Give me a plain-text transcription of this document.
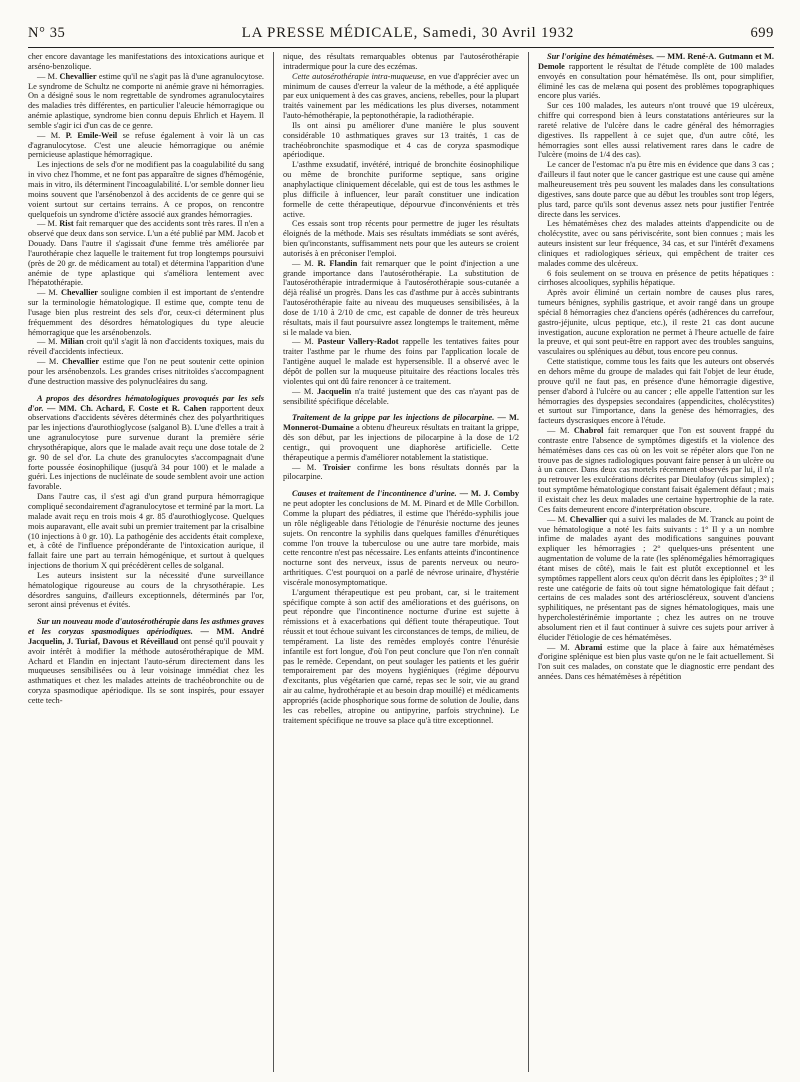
N° 35	LA PRESSE MÉDICALE, Samedi, 30 Avril 1932	699

cher encore davantage les manifestations des intoxications aurique et arséno-benzolique.

— M. Chevallier estime qu'il ne s'agit pas là d'une agranulocytose. Le syndrome de Schultz ne comporte ni anémie grave ni hémorragies. On a désigné sous le nom regrettable de syndromes agranulocytaires des maladies très différentes, en particulier l'aleucie hémorragique ou anémie aplastique, syndrome bien connu depuis Ehrlich et Hayem. Il semble s'agir ici d'un cas de ce genre.

— M. P. Emile-Weil se refuse également à voir là un cas d'agranulocytose. C'est une aleucie hémorragique ou anémie pernicieuse aplastique hémorragique.

Les injections de sels d'or ne modifient pas la coagulabilité du sang in vivo chez l'homme, et ne font pas apparaître de signes d'hémogénie, mais in vitro, ils déterminent l'incoagulabilité. L'or semble donner lieu moins souvent que l'arsénobenzol à des accidents de ce genre qui se voient surtout sur certains terrains. A ce propos, on rencontre quelquefois un syndrome d'ictère associé aux grandes hémorragies.

— M. Rist fait remarquer que des accidents sont très rares. Il n'en a observé que deux dans son service. L'un a été publié par MM. Jacob et Douady. Dans l'autre il s'agissait d'une femme très améliorée par l'aurothérapie chez laquelle le traitement fut trop longtemps poursuivi (près de 20 gr. de médicament au total) et détermina l'apparition d'une anémie de type aplastique qui s'améliora lentement avec l'hépatothérapie.

— M. Chevallier souligne combien il est important de s'entendre sur la terminologie hématologique. Il estime que, compte tenu de l'usage bien plus restreint des sels d'or, ceux-ci déterminent plus fréquemment des désordres hématologiques du type aleucie hémorragique que les arsénobenzols.

— M. Milian croit qu'il s'agit là non d'accidents toxiques, mais du réveil d'accidents infectieux.

— M. Chevallier estime que l'on ne peut soutenir cette opinion pour les arsénobenzols. Les grandes crises nitritoïdes s'accompagnent d'une destruction massive des polynucléaires du sang.

A propos des désordres hématologiques provoqués par les sels d'or. — MM. Ch. Achard, F. Coste et R. Cahen rapportent deux observations d'accidents sévères déterminés chez des polyarthritiques par les injections d'aurothioglycose (salganol B). L'une d'elles a trait à une agranulocytose pure survenue durant la première série chrysothérapique, alors que le malade avait reçu une dose totale de 2 gr. 90 de sel d'or. La chute des granulocytes s'accompagnait d'une forte poussée éosinophilique (jusqu'à 34 pour 100) et le malade a guéri. Les injections de nucléinate de soude semblent avoir une action favorable.

Dans l'autre cas, il s'est agi d'un grand purpura hémorragique compliqué secondairement d'agranulocytose et terminé par la mort. La malade avait reçu en trois mois 4 gr. 85 d'aurothioglycose. Quelques mois auparavant, elle avait subi un premier traitement par la crisalbine (10 injections à 0 gr. 10). La pathogénie des accidents était complexe, et, à côté de l'influence prépondérante de l'intoxication aurique, il fallait faire une part au terrain hémogénique, et surtout à quelques injections de thorium X qui précédèrent celles de solganal.

Les auteurs insistent sur la nécessité d'une surveillance hématologique rigoureuse au cours de la chrysothérapie. Les désordres sanguins, d'ailleurs exceptionnels, déterminés par l'or, seront ainsi prévenus et évités.

Sur un nouveau mode d'autosérothérapie dans les asthmes graves et les coryzas spasmodiques apériodiques. — MM. André Jacquelin, J. Turiaf, Davous et Réveillaud ont pensé qu'il pouvait y avoir intérêt à modifier la méthode autosérothérapique de MM. Achard et Flandin en injectant l'auto-sérum directement dans les muqueuses sensibilisées ou à leur voisinage immédiat chez les asthmatiques et chez les malades atteints de trachéobronchite ou de coryza spasmodique apériodique. Ils se sont inspirés, pour essayer cette tech-

nique, des résultats remarquables obtenus par l'autosérothérapie intradermique pour la cure des eczémas.

Cette autosérothérapie intra-muqueuse, en vue d'apprécier avec un minimum de causes d'erreur la valeur de la méthode, a été appliquée par eux uniquement à des cas graves, anciens, rebelles, pour la plupart traités vainement par les médications les plus diverses, notamment l'auto-hémothérapie, la peptonothérapie, la radiothérapie.

Ils ont ainsi pu améliorer d'une manière le plus souvent considérable 10 asthmatiques graves sur 13 traités, 1 cas de trachéobronchite spasmodique et 4 cas de coryza spasmodique apériodique.

L'asthme exsudatif, invétéré, intriqué de bronchite éosinophilique ou même de bronchite puriforme septique, sans origine anaphylactique cliniquement décelable, qui est de tous les asthmes le plus difficile à influencer, leur paraît constituer une indication formelle de cette thérapeutique, dépourvue d'inconvénients et très active.

Ces essais sont trop récents pour permettre de juger les résultats éloignés de la méthode. Mais ses résultats immédiats se sont avérés, bien qu'inconstants, suffisamment nets pour que les auteurs se croient autorisés à en préconiser l'emploi.

— M. R. Flandin fait remarquer que le point d'injection a une grande importance dans l'autosérothérapie. La substitution de l'autosérothérapie intradermique à l'autosérothérapie sous-cutanée a déjà réalisé un progrès. Dans les cas d'asthme pur à accès subintrants l'autosérothérapie faite au niveau des muqueuses sensibilisées, à la dose de 1/10 à 2/10 de cmc, est capable de donner de très heureux résultats, mais il faut poursuivre assez longtemps le traitement, même si le malade va bien.

— M. Pasteur Vallery-Radot rappelle les tentatives faites pour traiter l'asthme par le rhume des foins par l'application locale de l'antigène auquel le malade est hypersensible. Il a observé avec le dépôt de pollen sur la muqueuse pituitaire des réactions locales très violentes qui ont dû faire renoncer à ce traitement.

— M. Jacquelin n'a traité justement que des cas n'ayant pas de sensibilité spécifique décelable.

Traitement de la grippe par les injections de pilocarpine. — M. Monnerot-Dumaine a obtenu d'heureux résultats en traitant la grippe, dès son début, par les injections de pilocarpine à la dose de 1/2 centigr., qui provoquent une diaphorèse artificielle. Cette thérapeutique a permis d'améliorer notablement la statistique.

— M. Troisier confirme les bons résultats donnés par la pilocarpine.

Causes et traitement de l'incontinence d'urine. — M. J. Comby ne peut adopter les conclusions de M. M. Pinard et de Mlle Corbillon. Comme la plupart des pédiatres, il estime que l'hérédo-syphilis joue un rôle négligeable dans l'étiologie de l'énurésie nocturne des jeunes sujets. On rencontre la syphilis dans quelques familles d'énurétiques comme l'on trouve la tuberculose ou une autre tare morbide, mais cette rencontre n'est pas nécessaire. Les enfants atteints d'incontinence nocturne sont des nerveux, issus de parents nerveux ou neuro-arthritiques. C'est pourquoi on a parlé de névrose urinaire, d'hystérie viscérale monosymptomatique.

L'argument thérapeutique est peu probant, car, si le traitement spécifique compte à son actif des améliorations et des guérisons, on peut répondre que l'incontinence nocturne d'urine est sujette à rémissions et à exacerbations qui défient toute thérapeutique. Tout réussit et tout échoue suivant les circonstances de temps, de milieu, de tempérament. La liste des remèdes employés contre l'énurésie infantile est fort longue, d'où l'on peut conclure que l'on n'en connaît pas le remède. Cependant, on peut soulager les patients et les guérir temporairement par des moyens hygiéniques (régime dépourvu d'excitants, plus végétarien que carné, repas sec le soir, vie au grand air au calme, hydrothérapie et au besoin drap mouillé) et médicaments appropriés (acide phosphorique sous forme de solution de Joulie, dans les cas rebelles, atropine ou antipyrine, parfois strychnine). Le traitement spécifique ne trouve sa place qu'à titre exceptionnel.

Sur l'origine des hématémèses. — MM. René-A. Gutmann et M. Demole rapportent le résultat de l'étude complète de 100 malades envoyés en consultation pour hématémèse. Ils ont, pour simplifier, éliminé les cas de melæna qui posent des problèmes topographiques encore plus variés.

Sur ces 100 malades, les auteurs n'ont trouvé que 19 ulcéreux, chiffre qui correspond bien à leurs constatations antérieures sur la rareté relative de l'ulcère dans le cadre général des hémorragies digestives. Ils rappellent à ce sujet que, d'un autre côté, les hémorragies sont elles aussi relativement rares dans le cadre de l'ulcère (moins de 1/4 des cas).

Le cancer de l'estomac n'a pu être mis en évidence que dans 3 cas ; d'ailleurs il faut noter que le cancer gastrique est une cause qui amène malheureusement très peu souvent les malades dans les consultations digestives, sans doute parce que au début les troubles sont trop légers, plus tard, parce qu'ils sont devenus assez nets pour justifier l'entrée directe dans les services.

Les hématémèses chez des malades atteints d'appendicite ou de cholécystite, avec ou sans périviscérite, sont bien connues ; mais les auteurs insistent sur leur fréquence, 34 cas, et sur l'intérêt d'examens cliniques et radiologiques sérieux, qui empêchent de traiter ces malades comme des ulcéreux.

6 fois seulement on se trouva en présence de petits hépatiques : cirrhoses alcooliques, syphilis hépatique.

Après avoir éliminé un certain nombre de causes plus rares, tumeurs bénignes, syphilis gastrique, et avoir rangé dans un groupe spécial 8 hémorragies chez d'anciens opérés (adhérences du carrefour, gastro-jéjunite, ulcus peptique, etc.), il reste 21 cas dont aucune investigation, aucune exploration ne permet à l'heure actuelle de faire la preuve, et qui sont peut-être en rapport avec des troubles sanguins, vasculaires ou spléniques au début, tous encore peu connus.

Cette statistique, comme tous les faits que les auteurs ont observés en dehors même du groupe de malades qui fait l'objet de leur étude, prouve qu'il ne faut pas, en présence d'une hémorragie digestive, penser d'abord à l'ulcère ou au cancer ; elle appelle l'attention sur les hémorragies des dyspepsies secondaires (appendicites, cholécystites) et surtout sur l'importance, dans la genèse des hémorragies, des facteurs dyscrasiques encore à l'étude.

— M. Chabrol fait remarquer que l'on est souvent frappé du contraste entre l'absence de symptômes digestifs et la violence des hématémèses dans ces cas où on les voit se répéter alors que l'on ne trouve pas de signes radiologiques pouvant faire penser à un ulcère ou à un cancer. Dans deux cas mortels récemment observés par lui, il n'a pu retrouver les exulcérations décrites par Dieulafoy (ulcus simplex) ; tout symptôme hématologique constant faisait également défaut ; mais il existait chez les deux malades une certaine hypertrophie de la rate. Ces faits demeurent encore d'interprétation obscure.

— M. Chevallier qui a suivi les malades de M. Tranck au point de vue hématologique a noté les faits suivants : 1° Il y a un nombre infime de malades ayant des modifications sanguines pouvant expliquer les hémorragies ; 2° quelques-uns présentent une augmentation de volume de la rate (les splénomégalies hémorragiques étant mises de côté), mais le fait est plutôt exceptionnel et les symptômes rappellent alors ceux qu'on décrit dans les épiploïtes ; 3° il reste une catégorie de faits où tout signe hématologique fait défaut ; certains de ces malades sont des artérioscléreux, souvent d'anciens syphilitiques, ne présentant pas de signes hématologiques, mais une hypercholestérinémie importante ; chez les autres on ne trouve absolument rien et il faut continuer à suivre ces sujets pour arriver à élucider l'étiologie de ces hématémèses.

— M. Abrami estime que la place à faire aux hématémèses d'origine splénique est bien plus vaste qu'on ne le fait actuellement. Si l'on suit ces malades, on constate que le diagnostic erre pendant des années. Dans ces hématémèses à répétition
